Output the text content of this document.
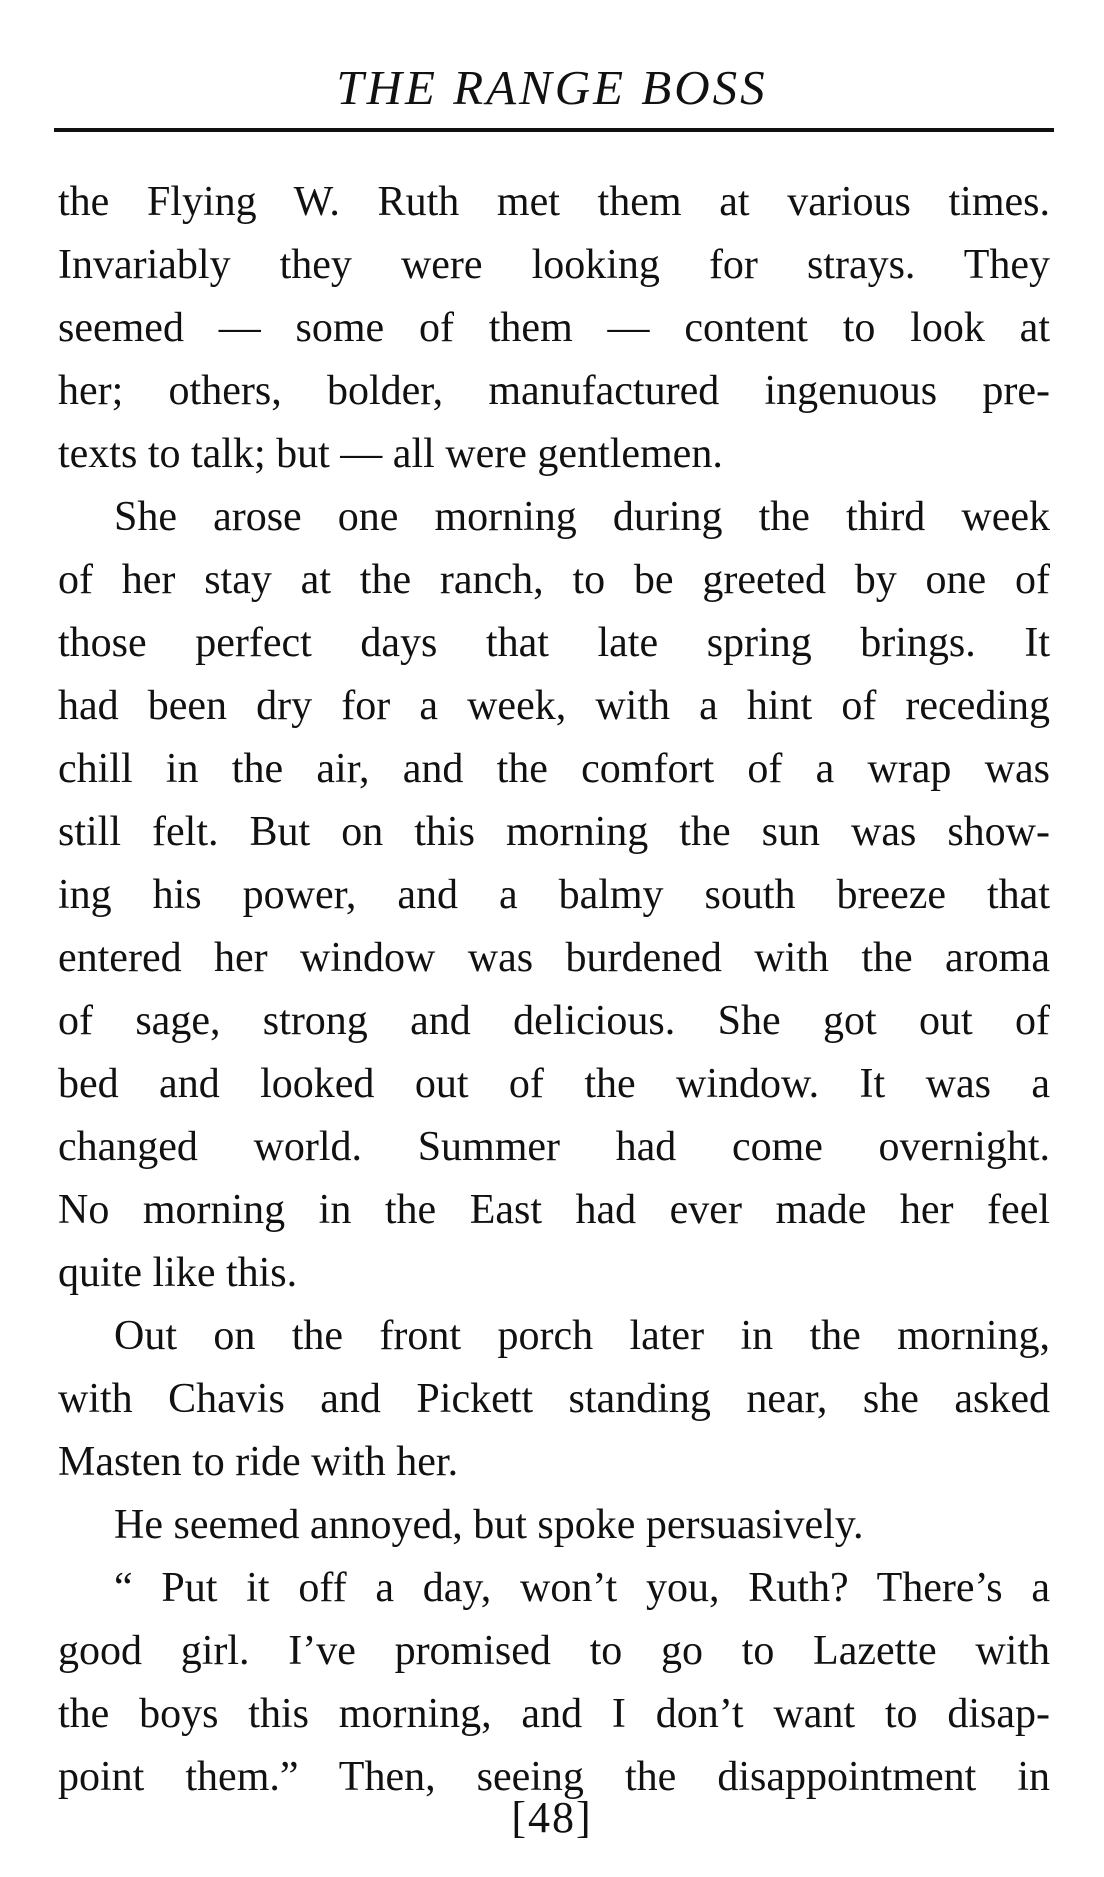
THE RANGE BOSS
the Flying W. Ruth met them at various times.
Invariably they were looking for strays. They
seemed — some of them — content to look at
her; others, bolder, manufactured ingenuous pre-
texts to talk; but — all were gentlemen.
She arose one morning during the third week
of her stay at the ranch, to be greeted by one of
those perfect days that late spring brings. It
had been dry for a week, with a hint of receding
chill in the air, and the comfort of a wrap was
still felt. But on this morning the sun was show-
ing his power, and a balmy south breeze that
entered her window was burdened with the aroma
of sage, strong and delicious. She got out of
bed and looked out of the window. It was a
changed world. Summer had come overnight.
No morning in the East had ever made her feel
quite like this.
Out on the front porch later in the morning,
with Chavis and Pickett standing near, she asked
Masten to ride with her.
He seemed annoyed, but spoke persuasively.
“ Put it off a day, won’t you, Ruth? There’s a
good girl. I’ve promised to go to Lazette with
the boys this morning, and I don’t want to disap-
point them.” Then, seeing the disappointment in
[48]
